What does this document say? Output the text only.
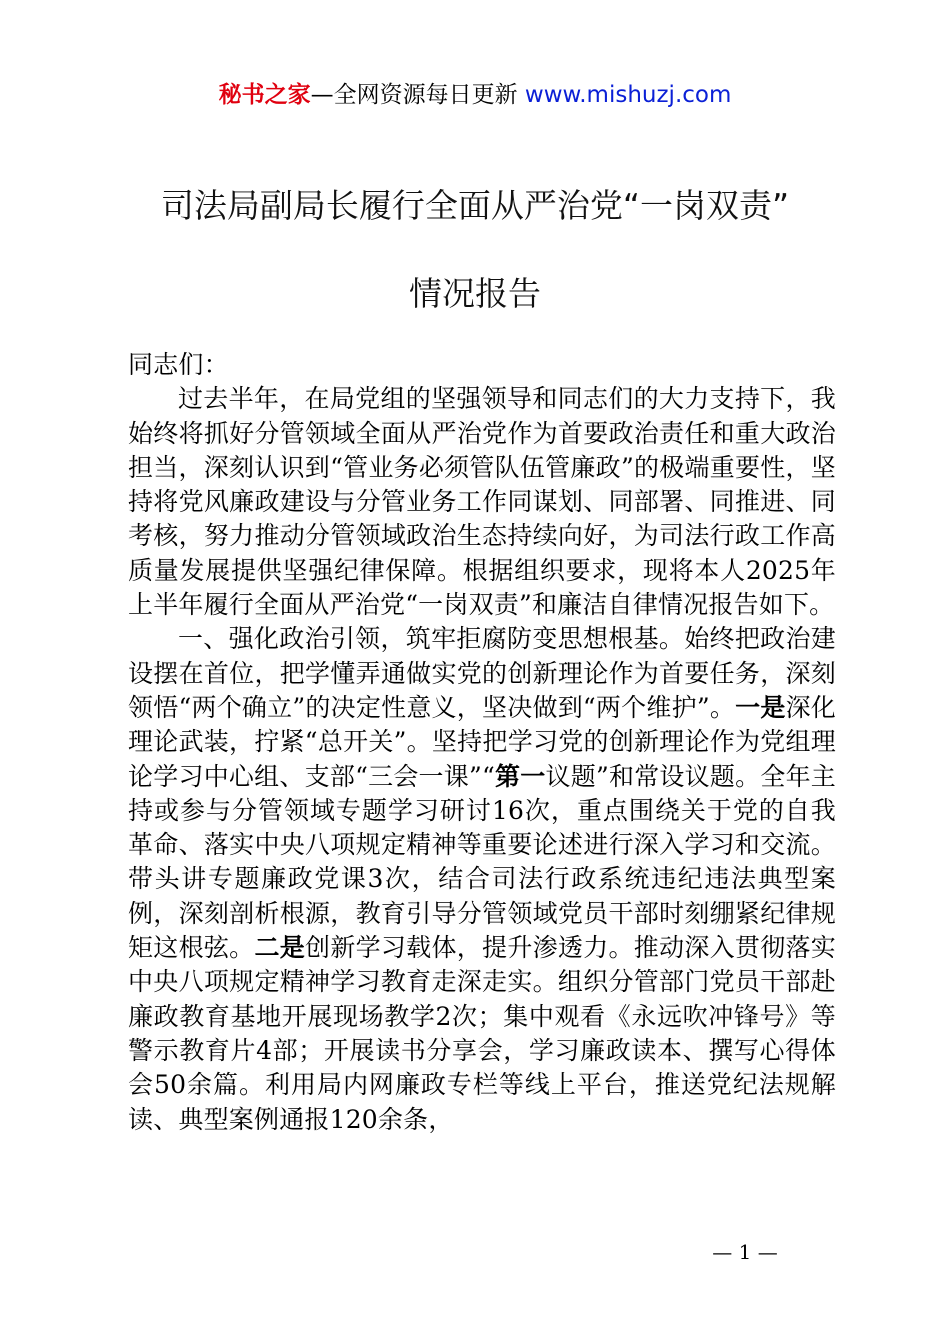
秘书之家—全网资源每日更新 www.mishuzj.com
司法局副局长履行全面从严治党“一岗双责”
情况报告

同志们：

过去半年，在局党组的坚强领导和同志们的大力支持下，我始终将抓好分管领域全面从严治党作为首要政治责任和重大政治担当，深刻认识到“管业务必须管队伍管廉政”的极端重要性，坚持将党风廉政建设与分管业务工作同谋划、同部署、同推进、同考核，努力推动分管领域政治生态持续向好，为司法行政工作高质量发展提供坚强纪律保障。根据组织要求，现将本人2025年上半年履行全面从严治党“一岗双责”和廉洁自律情况报告如下。

一、强化政治引领，筑牢拒腐防变思想根基。始终把政治建设摆在首位，把学懂弄通做实党的创新理论作为首要任务，深刻领悟“两个确立”的决定性意义，坚决做到“两个维护”。一是深化理论武装，拧紧“总开关”。坚持把学习党的创新理论作为党组理论学习中心组、支部“三会一课”“第一议题”和常设议题。全年主持或参与分管领域专题学习研讨16次，重点围绕关于党的自我革命、落实中央八项规定精神等重要论述进行深入学习和交流。带头讲专题廉政党课3次，结合司法行政系统违纪违法典型案例，深刻剖析根源，教育引导分管领域党员干部时刻绷紧纪律规矩这根弦。二是创新学习载体，提升渗透力。推动深入贯彻落实中央八项规定精神学习教育走深走实。组织分管部门党员干部赴廉政教育基地开展现场教学2次；集中观看《永远吹冲锋号》等警示教育片4部；开展读书分享会，学习廉政读本、撰写心得体会50余篇。利用局内网廉政专栏等线上平台，推送党纪法规解读、典型案例通报120余条，

— 1 —
